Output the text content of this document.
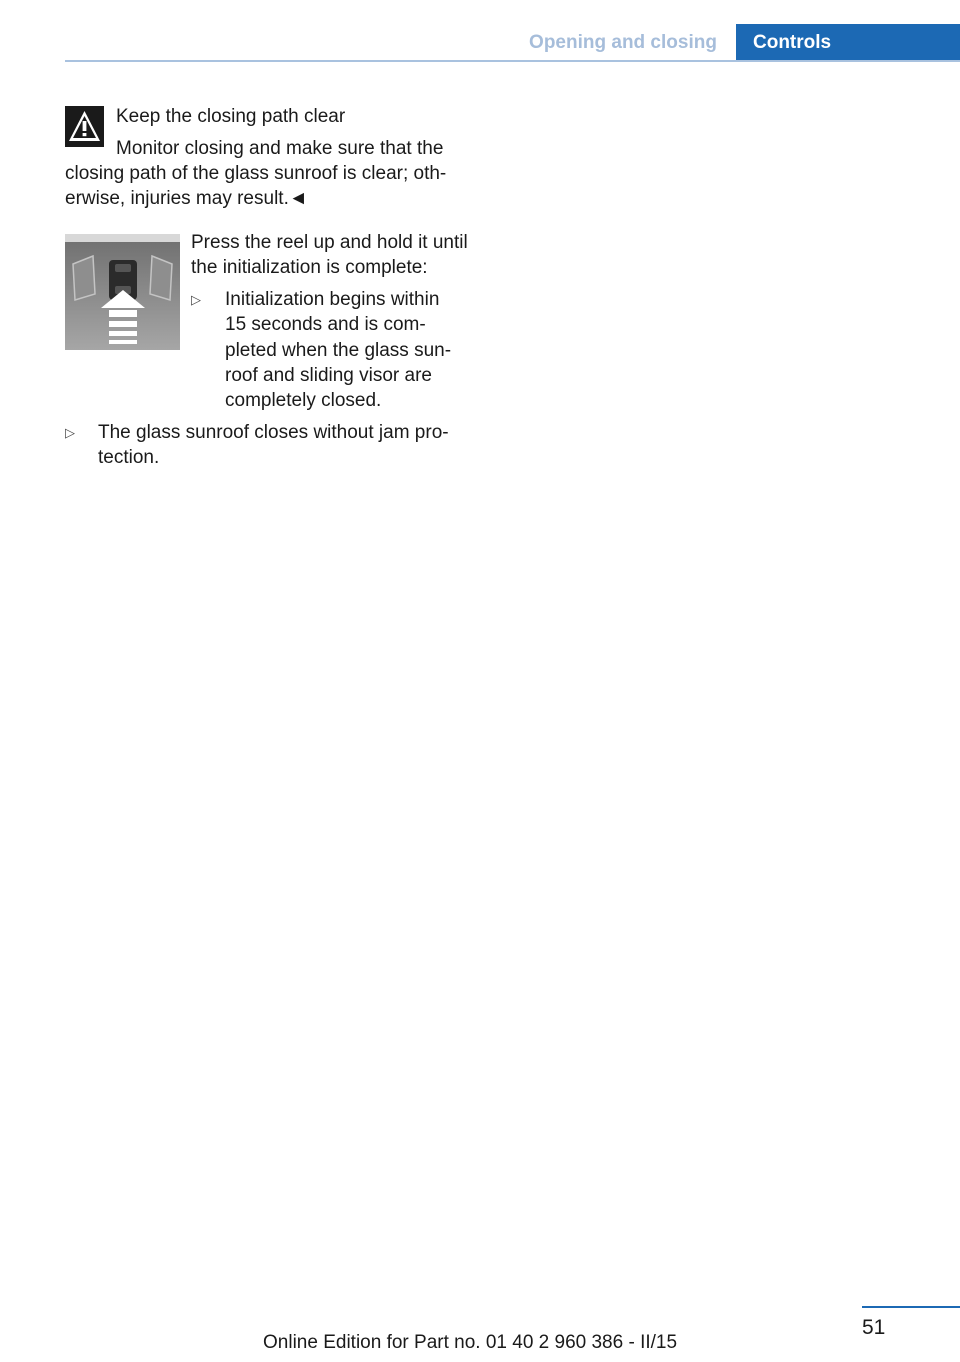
Opening and closing	Controls
Keep the closing path clear
Monitor closing and make sure that the
closing path of the glass sunroof is clear; oth-
erwise, injuries may result.◄
Press the reel up and hold it until
the initialization is complete:
▷ Initialization begins within
15 seconds and is com-
pleted when the glass sun-
roof and sliding visor are
completely closed.
▷ The glass sunroof closes without jam pro-
tection.
51
Online Edition for Part no. 01 40 2 960 386 - II/15
